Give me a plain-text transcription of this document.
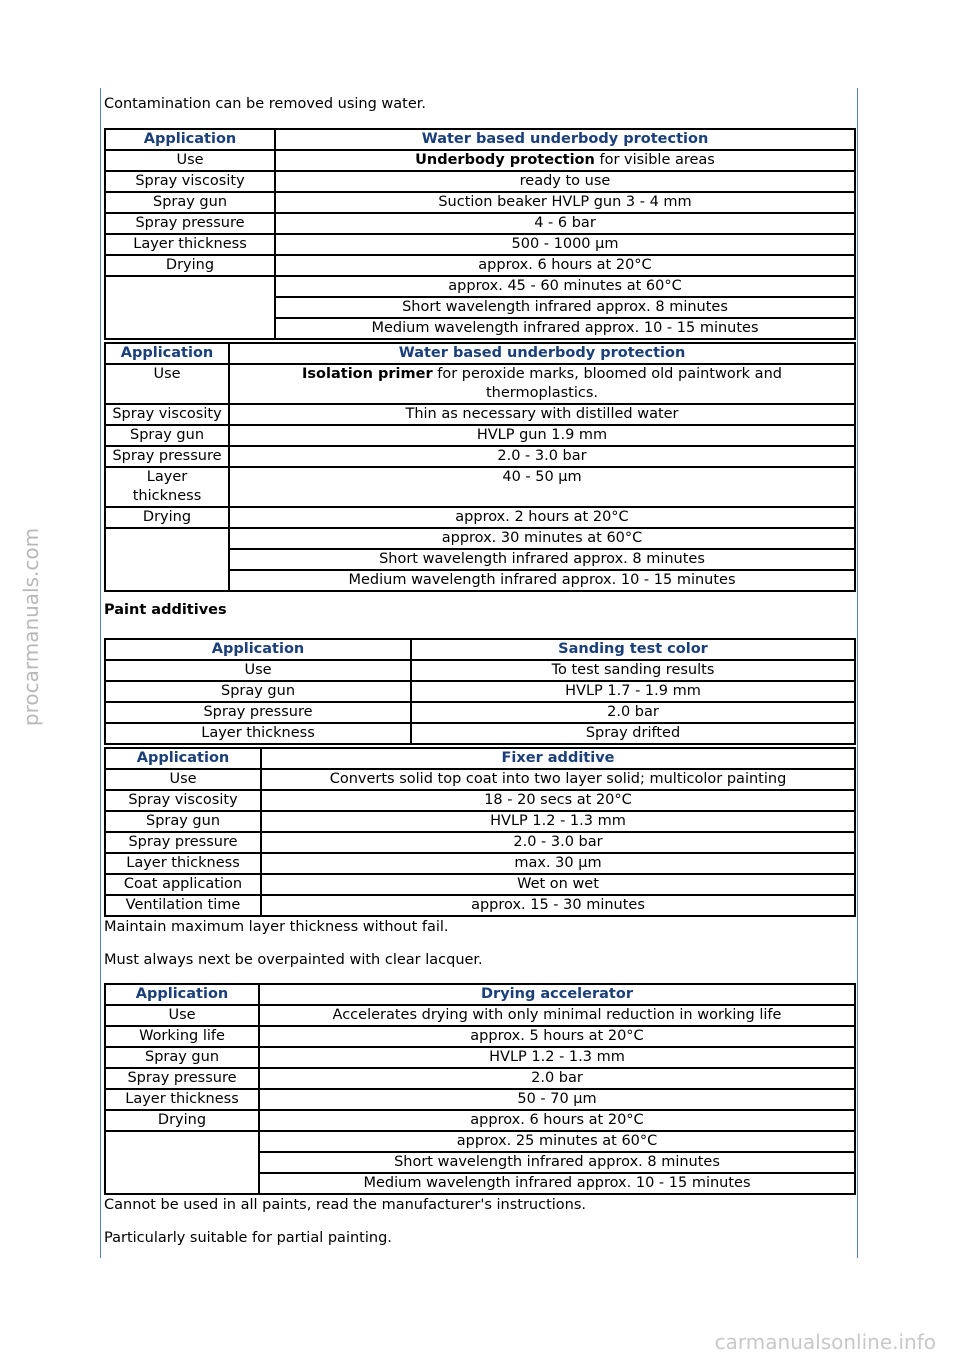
Contamination can be removed using water.

Application	Water based underbody protection
Use	Underbody protection for visible areas
Spray viscosity	ready to use
Spray gun	Suction beaker HVLP gun 3 - 4 mm
Spray pressure	4 - 6 bar
Layer thickness	500 - 1000 µm
Drying	approx. 6 hours at 20°C
	approx. 45 - 60 minutes at 60°C
	Short wavelength infrared approx. 8 minutes
	Medium wavelength infrared approx. 10 - 15 minutes
Application	Water based underbody protection
Use	Isolation primer for peroxide marks, bloomed old paintwork and thermoplastics.
Spray viscosity	Thin as necessary with distilled water
Spray gun	HVLP gun 1.9 mm
Spray pressure	2.0 - 3.0 bar
Layer thickness	40 - 50 µm
Drying	approx. 2 hours at 20°C
	approx. 30 minutes at 60°C
	Short wavelength infrared approx. 8 minutes
	Medium wavelength infrared approx. 10 - 15 minutes

Paint additives

Application	Sanding test color
Use	To test sanding results
Spray gun	HVLP 1.7 - 1.9 mm
Spray pressure	2.0 bar
Layer thickness	Spray drifted
Application	Fixer additive
Use	Converts solid top coat into two layer solid; multicolor painting
Spray viscosity	18 - 20 secs at 20°C
Spray gun	HVLP 1.2 - 1.3 mm
Spray pressure	2.0 - 3.0 bar
Layer thickness	max. 30 µm
Coat application	Wet on wet
Ventilation time	approx. 15 - 30 minutes

Maintain maximum layer thickness without fail.

Must always next be overpainted with clear lacquer.

Application	Drying accelerator
Use	Accelerates drying with only minimal reduction in working life
Working life	approx. 5 hours at 20°C
Spray gun	HVLP 1.2 - 1.3 mm
Spray pressure	2.0 bar
Layer thickness	50 - 70 µm
Drying	approx. 6 hours at 20°C
	approx. 25 minutes at 60°C
	Short wavelength infrared approx. 8 minutes
	Medium wavelength infrared approx. 10 - 15 minutes

Cannot be used in all paints, read the manufacturer's instructions.

Particularly suitable for partial painting.

procarmanuals.com
carmanualsonline.info
